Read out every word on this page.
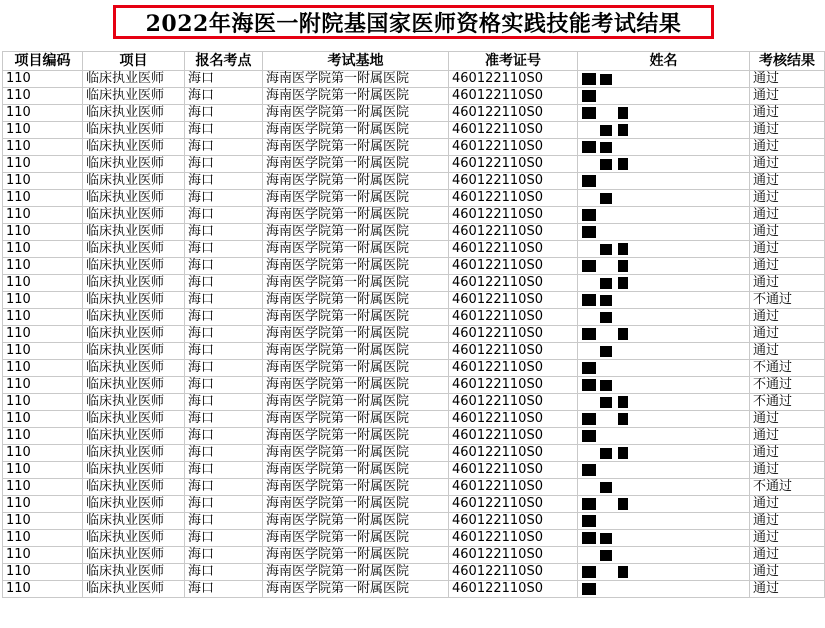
2022年海医一附院基国家医师资格实践技能考试结果
项目编码	项目	报名考点	考试基地	准考证号	姓名	考核结果
110	临床执业医师	海口	海南医学院第一附属医院	460122110S0		通过
110	临床执业医师	海口	海南医学院第一附属医院	460122110S0		通过
110	临床执业医师	海口	海南医学院第一附属医院	460122110S0		通过
110	临床执业医师	海口	海南医学院第一附属医院	460122110S0		通过
110	临床执业医师	海口	海南医学院第一附属医院	460122110S0		通过
110	临床执业医师	海口	海南医学院第一附属医院	460122110S0		通过
110	临床执业医师	海口	海南医学院第一附属医院	460122110S0		通过
110	临床执业医师	海口	海南医学院第一附属医院	460122110S0		通过
110	临床执业医师	海口	海南医学院第一附属医院	460122110S0		通过
110	临床执业医师	海口	海南医学院第一附属医院	460122110S0		通过
110	临床执业医师	海口	海南医学院第一附属医院	460122110S0		通过
110	临床执业医师	海口	海南医学院第一附属医院	460122110S0		通过
110	临床执业医师	海口	海南医学院第一附属医院	460122110S0		通过
110	临床执业医师	海口	海南医学院第一附属医院	460122110S0		不通过
110	临床执业医师	海口	海南医学院第一附属医院	460122110S0		通过
110	临床执业医师	海口	海南医学院第一附属医院	460122110S0		通过
110	临床执业医师	海口	海南医学院第一附属医院	460122110S0		通过
110	临床执业医师	海口	海南医学院第一附属医院	460122110S0		不通过
110	临床执业医师	海口	海南医学院第一附属医院	460122110S0		不通过
110	临床执业医师	海口	海南医学院第一附属医院	460122110S0		不通过
110	临床执业医师	海口	海南医学院第一附属医院	460122110S0		通过
110	临床执业医师	海口	海南医学院第一附属医院	460122110S0		通过
110	临床执业医师	海口	海南医学院第一附属医院	460122110S0		通过
110	临床执业医师	海口	海南医学院第一附属医院	460122110S0		通过
110	临床执业医师	海口	海南医学院第一附属医院	460122110S0		不通过
110	临床执业医师	海口	海南医学院第一附属医院	460122110S0		通过
110	临床执业医师	海口	海南医学院第一附属医院	460122110S0		通过
110	临床执业医师	海口	海南医学院第一附属医院	460122110S0		通过
110	临床执业医师	海口	海南医学院第一附属医院	460122110S0		通过
110	临床执业医师	海口	海南医学院第一附属医院	460122110S0		通过
110	临床执业医师	海口	海南医学院第一附属医院	460122110S0		通过
